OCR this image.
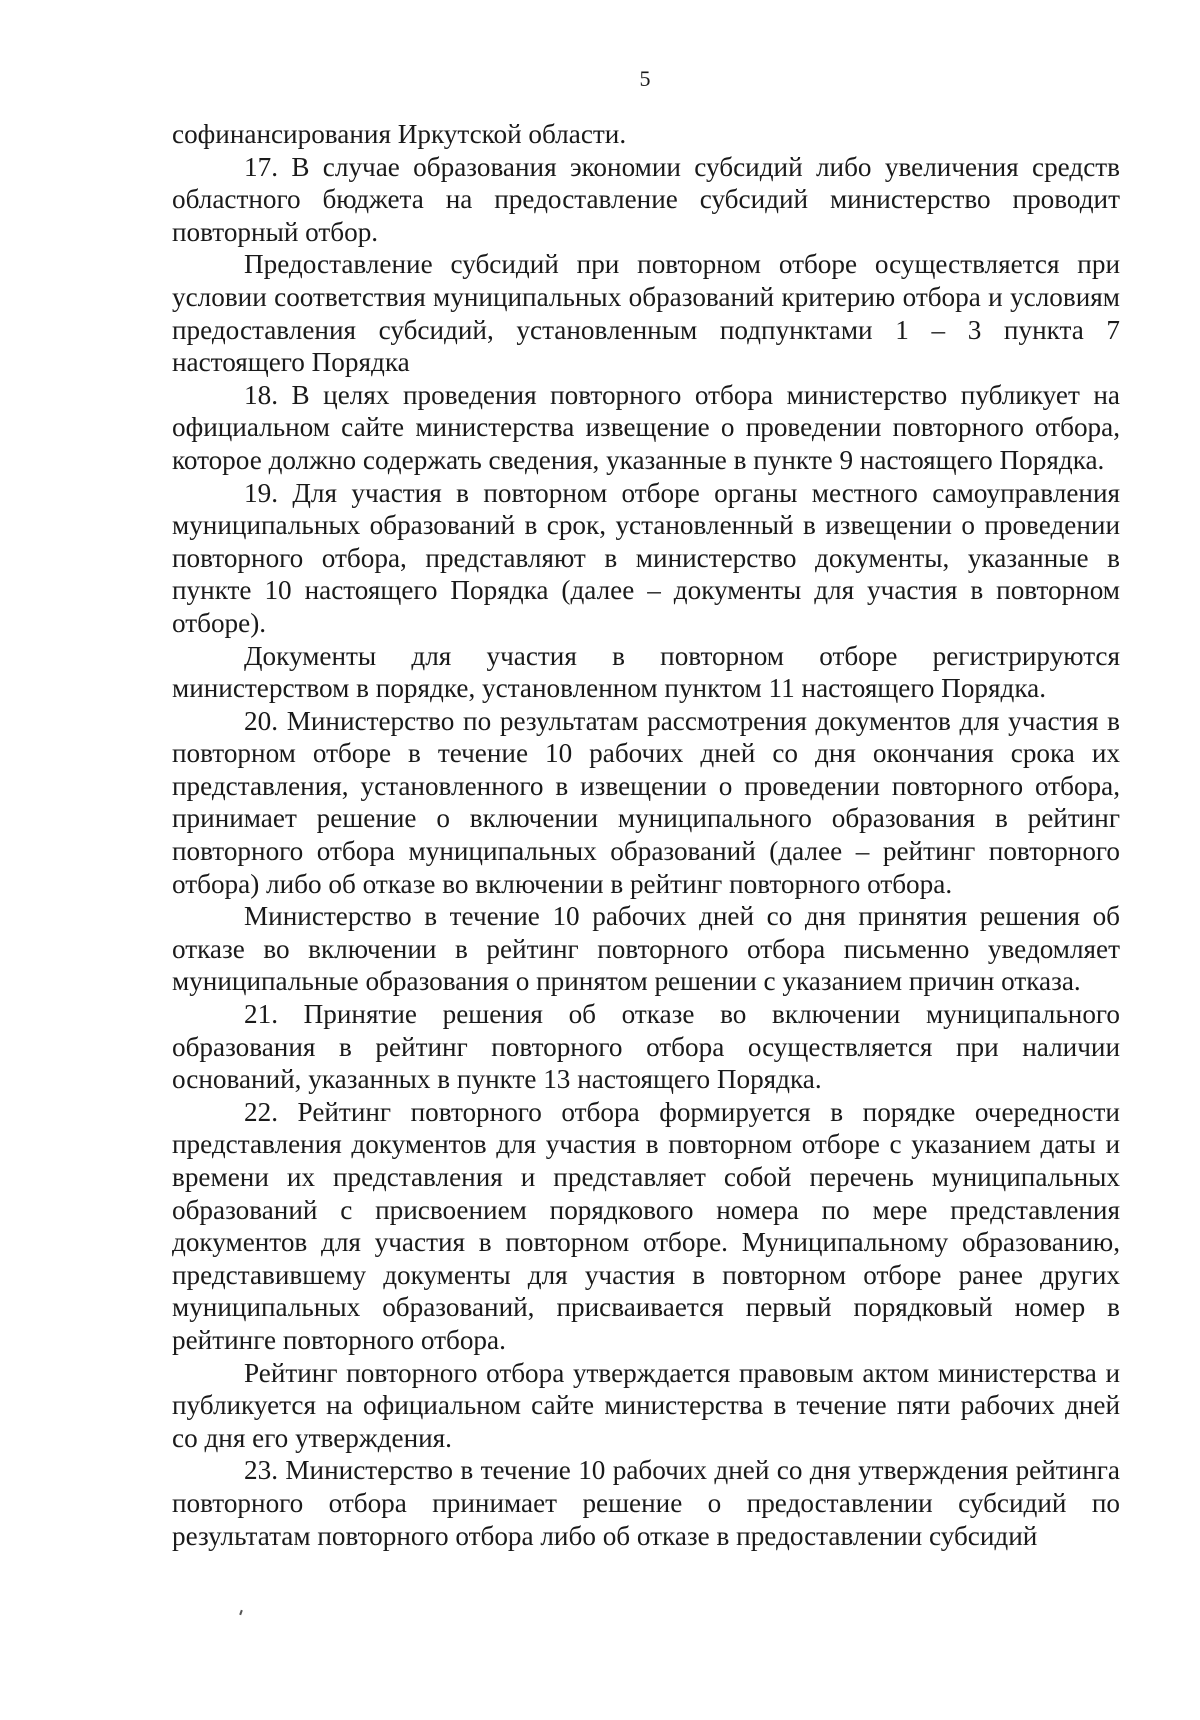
5

софинансирования Иркутской области.

17. В случае образования экономии субсидий либо увеличения средств областного бюджета на предоставление субсидий министерство проводит повторный отбор.

Предоставление субсидий при повторном отборе осуществляется при условии соответствия муниципальных образований критерию отбора и условиям предоставления субсидий, установленным подпунктами 1 – 3 пункта 7 настоящего Порядка

18. В целях проведения повторного отбора министерство публикует на официальном сайте министерства извещение о проведении повторного отбора, которое должно содержать сведения, указанные в пункте 9 настоящего Порядка.

19. Для участия в повторном отборе органы местного самоуправления муниципальных образований в срок, установленный в извещении о проведении повторного отбора, представляют в министерство документы, указанные в пункте 10 настоящего Порядка (далее – документы для участия в повторном отборе).

Документы для участия в повторном отборе регистрируются министерством в порядке, установленном пунктом 11 настоящего Порядка.

20. Министерство по результатам рассмотрения документов для участия в повторном отборе в течение 10 рабочих дней со дня окончания срока их представления, установленного в извещении о проведении повторного отбора, принимает решение о включении муниципального образования в рейтинг повторного отбора муниципальных образований (далее – рейтинг повторного отбора) либо об отказе во включении в рейтинг повторного отбора.

Министерство в течение 10 рабочих дней со дня принятия решения об отказе во включении в рейтинг повторного отбора письменно уведомляет муниципальные образования о принятом решении с указанием причин отказа.

21. Принятие решения об отказе во включении муниципального образования в рейтинг повторного отбора осуществляется при наличии оснований, указанных в пункте 13 настоящего Порядка.

22. Рейтинг повторного отбора формируется в порядке очередности представления документов для участия в повторном отборе с указанием даты и времени их представления и представляет собой перечень муниципальных образований с присвоением порядкового номера по мере представления документов для участия в повторном отборе. Муниципальному образованию, представившему документы для участия в повторном отборе ранее других муниципальных образований, присваивается первый порядковый номер в рейтинге повторного отбора.

Рейтинг повторного отбора утверждается правовым актом министерства и публикуется на официальном сайте министерства в течение пяти рабочих дней со дня его утверждения.

23. Министерство в течение 10 рабочих дней со дня утверждения рейтинга повторного отбора принимает решение о предоставлении субсидий по результатам повторного отбора либо об отказе в предоставлении субсидий
